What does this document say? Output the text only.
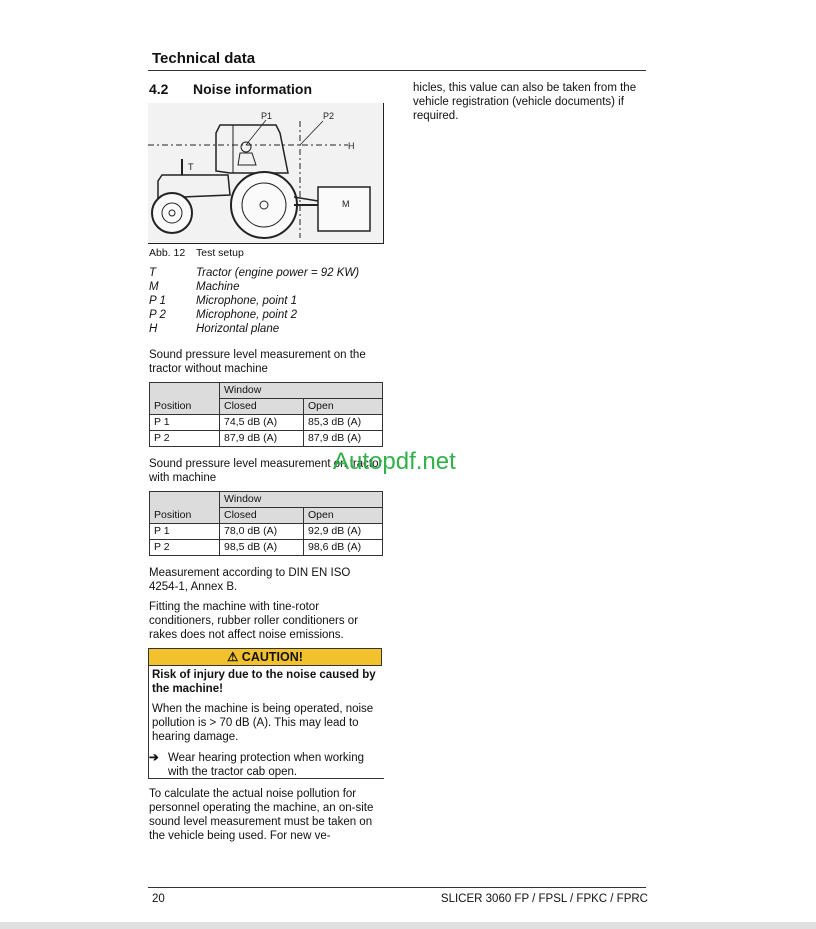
Technical data
4.2 Noise information	hicles, this value can also be taken from the vehicle registration (vehicle documents) if required.
P1	P2
T
H
M
Abb. 12 Test setup
T	Tractor (engine power = 92 KW)
M	Machine
P 1	Microphone, point 1
P 2	Microphone, point 2
H	Horizontal plane
Sound pressure level measurement on the tractor without machine
Position	Window	
	Closed	Open
P 1	74,5 dB (A)	85,3 dB (A)
P 2	87,9 dB (A)	87,9 dB (A)
Sound pressure level measurement on tractor with machine
Position	Window	
	Closed	Open
P 1	78,0 dB (A)	92,9 dB (A)
P 2	98,5 dB (A)	98,6 dB (A)
Measurement according to DIN EN ISO 4254-1, Annex B.
Fitting the machine with tine-rotor conditioners, rubber roller conditioners or rakes does not affect noise emissions.
⚠ CAUTION!
Risk of injury due to the noise caused by the machine!
When the machine is being operated, noise pollution is > 70 dB (A). This may lead to hearing damage.
➔ Wear hearing protection when working with the tractor cab open.
To calculate the actual noise pollution for personnel operating the machine, an on-site sound level measurement must be taken on the vehicle being used. For new ve-
Autopdf.net
20	SLICER 3060 FP / FPSL / FPKC / FPRC
